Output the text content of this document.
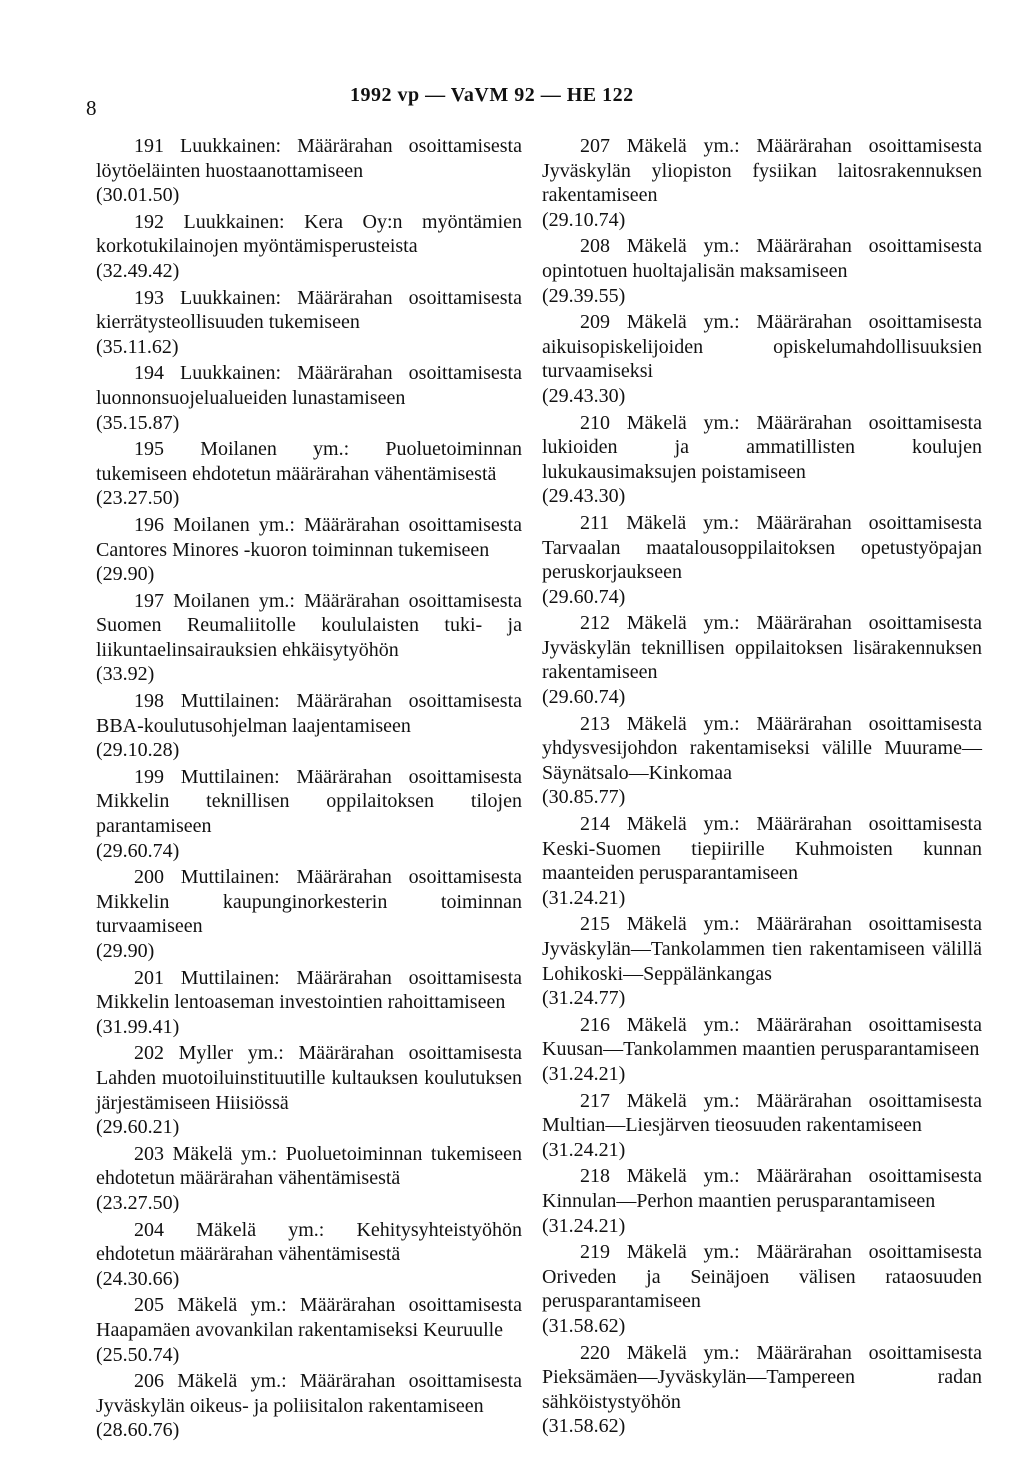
8
1992 vp — VaVM 92 — HE 122
191 Luukkainen: Määrärahan osoittamisesta löytöeläinten huostaanottamiseen
(30.01.50)
192 Luukkainen: Kera Oy:n myöntämien korkotukilainojen myöntämisperusteista
(32.49.42)
193 Luukkainen: Määrärahan osoittamisesta kierrätysteollisuuden tukemiseen
(35.11.62)
194 Luukkainen: Määrärahan osoittamisesta luonnonsuojelualueiden lunastamiseen
(35.15.87)
195 Moilanen ym.: Puoluetoiminnan tukemiseen ehdotetun määrärahan vähentämisestä
(23.27.50)
196 Moilanen ym.: Määrärahan osoittamisesta Cantores Minores -kuoron toiminnan tukemiseen
(29.90)
197 Moilanen ym.: Määrärahan osoittamisesta Suomen Reumaliitolle koululaisten tuki- ja liikuntaelinsairauksien ehkäisytyöhön
(33.92)
198 Muttilainen: Määrärahan osoittamisesta BBA-koulutusohjelman laajentamiseen
(29.10.28)
199 Muttilainen: Määrärahan osoittamisesta Mikkelin teknillisen oppilaitoksen tilojen parantamiseen
(29.60.74)
200 Muttilainen: Määrärahan osoittamisesta Mikkelin kaupunginorkesterin toiminnan turvaamiseen
(29.90)
201 Muttilainen: Määrärahan osoittamisesta Mikkelin lentoaseman investointien rahoittamiseen
(31.99.41)
202 Myller ym.: Määrärahan osoittamisesta Lahden muotoiluinstituutille kultauksen koulutuksen järjestämiseen Hiisiössä
(29.60.21)
203 Mäkelä ym.: Puoluetoiminnan tukemiseen ehdotetun määrärahan vähentämisestä
(23.27.50)
204 Mäkelä ym.: Kehitysyhteistyöhön ehdotetun määrärahan vähentämisestä
(24.30.66)
205 Mäkelä ym.: Määrärahan osoittamisesta Haapamäen avovankilan rakentamiseksi Keuruulle
(25.50.74)
206 Mäkelä ym.: Määrärahan osoittamisesta Jyväskylän oikeus- ja poliisitalon rakentamiseen
(28.60.76)
207 Mäkelä ym.: Määrärahan osoittamisesta Jyväskylän yliopiston fysiikan laitosrakennuksen rakentamiseen
(29.10.74)
208 Mäkelä ym.: Määrärahan osoittamisesta opintotuen huoltajalisän maksamiseen
(29.39.55)
209 Mäkelä ym.: Määrärahan osoittamisesta aikuisopiskelijoiden opiskelumahdollisuuksien turvaamiseksi
(29.43.30)
210 Mäkelä ym.: Määrärahan osoittamisesta lukioiden ja ammatillisten koulujen lukukausimaksujen poistamiseen
(29.43.30)
211 Mäkelä ym.: Määrärahan osoittamisesta Tarvaalan maatalousoppilaitoksen opetustyöpajan peruskorjaukseen
(29.60.74)
212 Mäkelä ym.: Määrärahan osoittamisesta Jyväskylän teknillisen oppilaitoksen lisärakennuksen rakentamiseen
(29.60.74)
213 Mäkelä ym.: Määrärahan osoittamisesta yhdysvesijohdon rakentamiseksi välille Muurame—Säynätsalo—Kinkomaa
(30.85.77)
214 Mäkelä ym.: Määrärahan osoittamisesta Keski-Suomen tiepiirille Kuhmoisten kunnan maanteiden perusparantamiseen
(31.24.21)
215 Mäkelä ym.: Määrärahan osoittamisesta Jyväskylän—Tankolammen tien rakentamiseen välillä Lohikoski—Seppälänkangas
(31.24.77)
216 Mäkelä ym.: Määrärahan osoittamisesta Kuusan—Tankolammen maantien perusparantamiseen
(31.24.21)
217 Mäkelä ym.: Määrärahan osoittamisesta Multian—Liesjärven tieosuuden rakentamiseen
(31.24.21)
218 Mäkelä ym.: Määrärahan osoittamisesta Kinnulan—Perhon maantien perusparantamiseen
(31.24.21)
219 Mäkelä ym.: Määrärahan osoittamisesta Oriveden ja Seinäjoen välisen rataosuuden perusparantamiseen
(31.58.62)
220 Mäkelä ym.: Määrärahan osoittamisesta Pieksämäen—Jyväskylän—Tampereen radan sähköistystyöhön
(31.58.62)
